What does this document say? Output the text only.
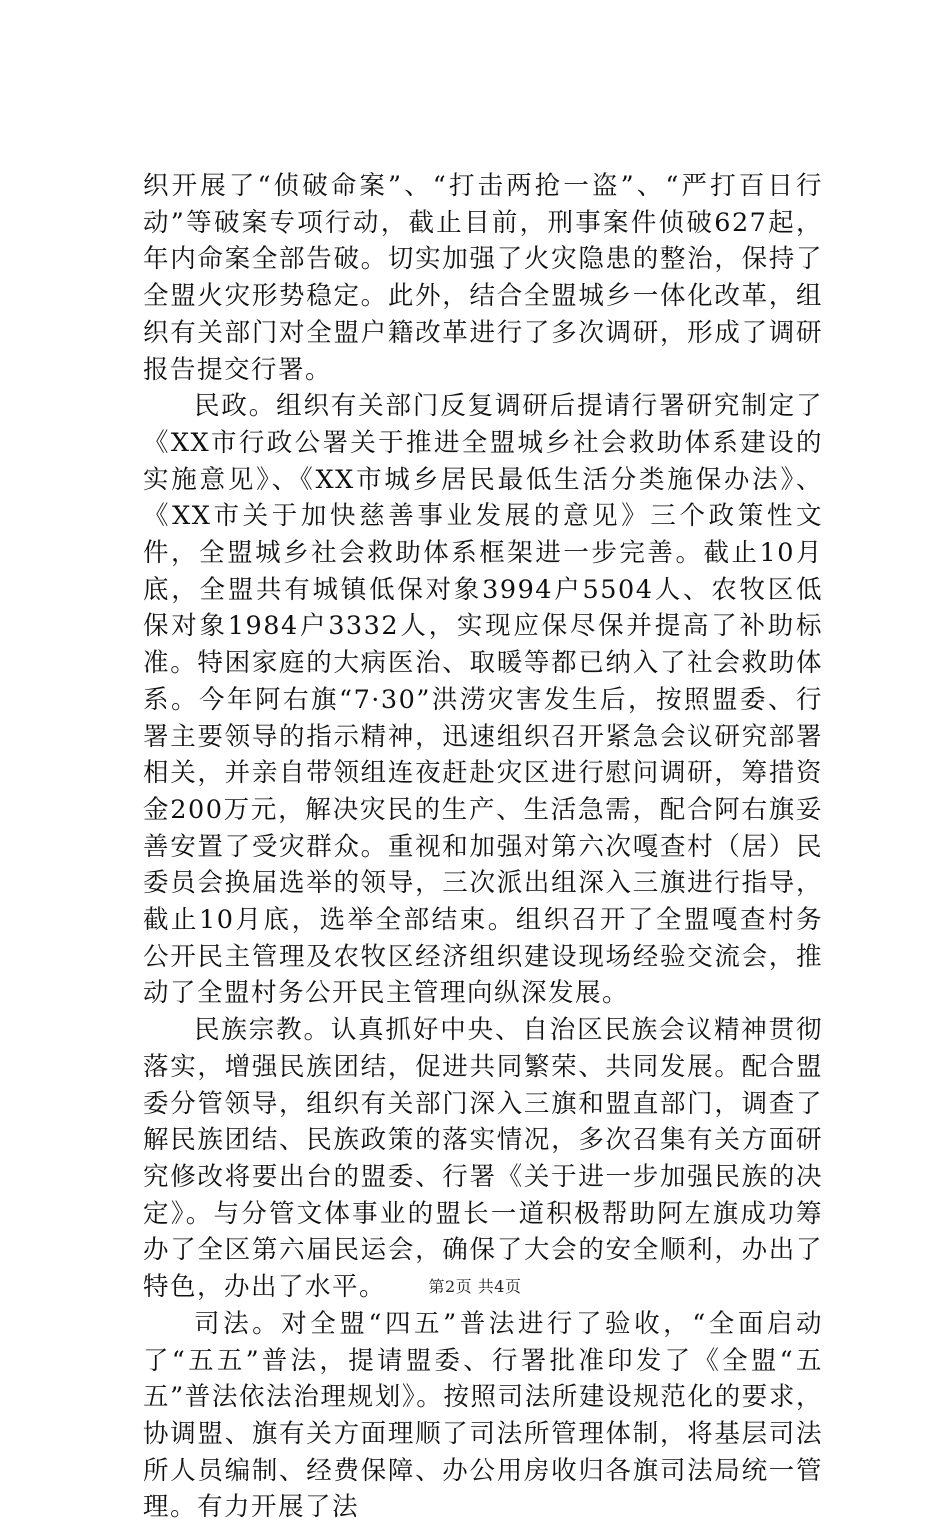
织开展了“侦破命案”、“打击两抢一盗”、“严打百日行动”等破案专项行动，截止目前，刑事案件侦破627起，年内命案全部告破。切实加强了火灾隐患的整治，保持了全盟火灾形势稳定。此外，结合全盟城乡一体化改革，组织有关部门对全盟户籍改革进行了多次调研，形成了调研报告提交行署。

民政。组织有关部门反复调研后提请行署研究制定了《XX市行政公署关于推进全盟城乡社会救助体系建设的实施意见》、《XX市城乡居民最低生活分类施保办法》、《XX市关于加快慈善事业发展的意见》三个政策性文件，全盟城乡社会救助体系框架进一步完善。截止10月底，全盟共有城镇低保对象3994户5504人、农牧区低保对象1984户3332人，实现应保尽保并提高了补助标准。特困家庭的大病医治、取暖等都已纳入了社会救助体系。今年阿右旗“7·30”洪涝灾害发生后，按照盟委、行署主要领导的指示精神，迅速组织召开紧急会议研究部署相关，并亲自带领组连夜赶赴灾区进行慰问调研，筹措资金200万元，解决灾民的生产、生活急需，配合阿右旗妥善安置了受灾群众。重视和加强对第六次嘎查村（居）民委员会换届选举的领导，三次派出组深入三旗进行指导，截止10月底，选举全部结束。组织召开了全盟嘎查村务公开民主管理及农牧区经济组织建设现场经验交流会，推动了全盟村务公开民主管理向纵深发展。

民族宗教。认真抓好中央、自治区民族会议精神贯彻落实，增强民族团结，促进共同繁荣、共同发展。配合盟委分管领导，组织有关部门深入三旗和盟直部门，调查了解民族团结、民族政策的落实情况，多次召集有关方面研究修改将要出台的盟委、行署《关于进一步加强民族的决定》。与分管文体事业的盟长一道积极帮助阿左旗成功筹办了全区第六届民运会，确保了大会的安全顺利，办出了特色，办出了水平。

司法。对全盟“四五”普法进行了验收，“全面启动了“五五”普法，提请盟委、行署批准印发了《全盟“五五”普法依法治理规划》。按照司法所建设规范化的要求，协调盟、旗有关方面理顺了司法所管理体制，将基层司法所人员编制、经费保障、办公用房收归各旗司法局统一管理。有力开展了法

第2页 共4页
